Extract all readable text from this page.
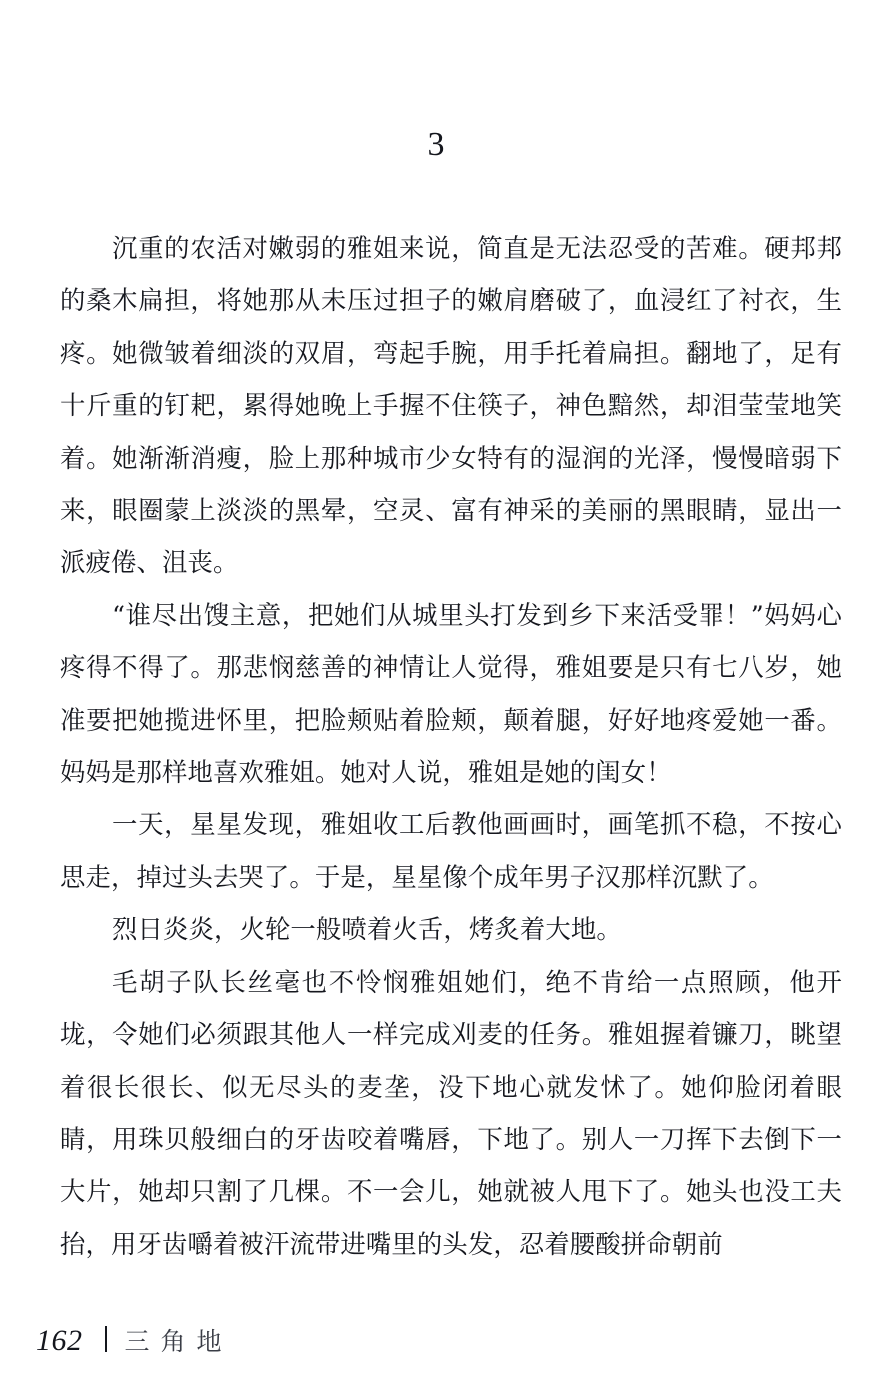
3

沉重的农活对嫩弱的雅姐来说，简直是无法忍受的苦难。硬邦邦的桑木扁担，将她那从未压过担子的嫩肩磨破了，血浸红了衬衣，生疼。她微皱着细淡的双眉，弯起手腕，用手托着扁担。翻地了，足有十斤重的钉耙，累得她晚上手握不住筷子，神色黯然，却泪莹莹地笑着。她渐渐消瘦，脸上那种城市少女特有的湿润的光泽，慢慢暗弱下来，眼圈蒙上淡淡的黑晕，空灵、富有神采的美丽的黑眼睛，显出一派疲倦、沮丧。

“谁尽出馊主意，把她们从城里头打发到乡下来活受罪！”妈妈心疼得不得了。那悲悯慈善的神情让人觉得，雅姐要是只有七八岁，她准要把她揽进怀里，把脸颊贴着脸颊，颠着腿，好好地疼爱她一番。妈妈是那样地喜欢雅姐。她对人说，雅姐是她的闺女！

一天，星星发现，雅姐收工后教他画画时，画笔抓不稳，不按心思走，掉过头去哭了。于是，星星像个成年男子汉那样沉默了。

烈日炎炎，火轮一般喷着火舌，烤炙着大地。

毛胡子队长丝毫也不怜悯雅姐她们，绝不肯给一点照顾，他开垅，令她们必须跟其他人一样完成刈麦的任务。雅姐握着镰刀，眺望着很长很长、似无尽头的麦垄，没下地心就发怵了。她仰脸闭着眼睛，用珠贝般细白的牙齿咬着嘴唇，下地了。别人一刀挥下去倒下一大片，她却只割了几棵。不一会儿，她就被人甩下了。她头也没工夫抬，用牙齿嚼着被汗流带进嘴里的头发，忍着腰酸拼命朝前

162 三角地
